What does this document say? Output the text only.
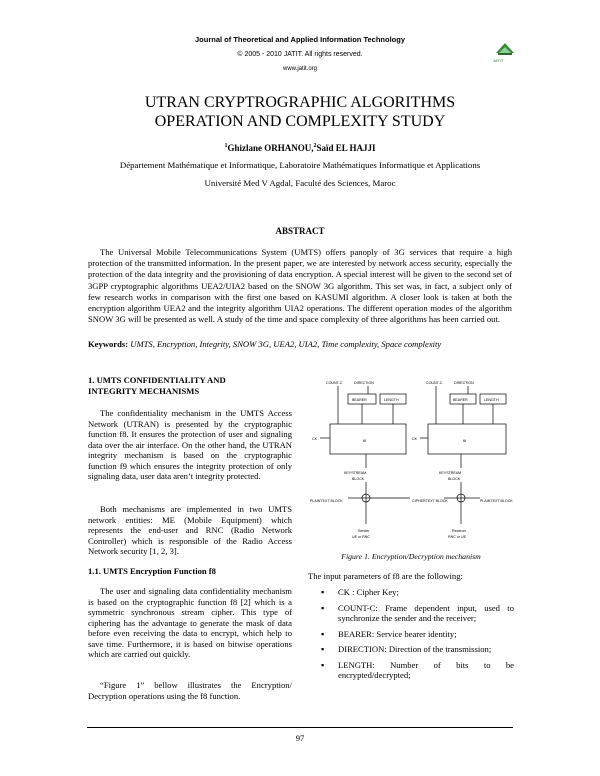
Journal of Theoretical and Applied Information Technology
© 2005 - 2010 JATIT. All rights reserved.
www.jatit.org
JATIT
UTRAN CRYPTROGRAPHIC ALGORITHMS
OPERATION AND COMPLEXITY STUDY
$^1$Ghizlane ORHANOU,$^2$Saïd EL HAJJI
Département Mathématique et Informatique, Laboratoire Mathématiques Informatique et Applications
Université Med V Agdal, Faculté des Sciences, Maroc
ABSTRACT
The Universal Mobile Telecommunications System (UMTS) offers panoply of 3G services that require a high protection of the transmitted information. In the present paper, we are interested by network access security, especially the protection of the data integrity and the provisioning of data encryption. A special interest will be given to the second set of 3GPP cryptographic algorithms UEA2/UIA2 based on the SNOW 3G algorithm. This set was, in fact, a subject only of few research works in comparison with the first one based on KASUMI algorithm. A closer look is taken at both the encryption algorithm UEA2 and the integrity algorithm UIA2 operations. The different operation modes of the algorithm SNOW 3G will be presented as well. A study of the time and space complexity of three algorithms has been carried out.
Keywords: UMTS, Encryption, Integrity, SNOW 3G, UEA2, UIA2, Time complexity, Space complexity
1. UMTS CONFIDENTIALITY AND
INTEGRITY MECHANISMS
The confidentiality mechanism in the UMTS Access Network (UTRAN) is presented by the cryptographic function f8. It ensures the protection of user and signaling data over the air interface. On the other hand, the UTRAN integrity mechanism is based on the cryptographic function f9 which ensures the integrity protection of only signaling data, user data aren’t integrity protected.
Both mechanisms are implemented in two UMTS network entities: ME (Mobile Equipment) which represents the end-user and RNC (Radio Network Controller) which is responsible of the Radio Access Network security [1, 2, 3].
1.1. UMTS Encryption Function f8
The user and signaling data confidentiality mechanism is based on the cryptographic function f8 [2] which is a symmetric synchronous stream cipher. This type of ciphering has the advantage to generate the mask of data before even receiving the data to encrypt, which help to save time. Furthermore, it is based on bitwise operations which are carried out quickly.
“Figure 1” bellow illustrates the Encryption/ Decryption operations using the f8 function.
COUNT-C	DIRECTION
BEARER	LENGTH
CK	f8
KEYSTREAM
BLOCK
PLAINTEXT BLOCK
Sender
UE or RNC
CIPHERTEXT BLOCK
COUNT-C	DIRECTION
BEARER	LENGTH
CK	f8
KEYSTREAM
BLOCK
PLAINTEXT BLOCK
Receiver
RNC or UE
Figure 1. Encryption/Decryption mechanism
The input parameters of f8 are the following:
▪ CK : Cipher Key;
▪ COUNT-C: Frame dependent input, used to synchronize the sender and the receiver;
▪ BEARER: Service bearer identity;
▪ DIRECTION: Direction of the transmission;
▪ LENGTH: Number of bits to be encrypted/decrypted;
97
